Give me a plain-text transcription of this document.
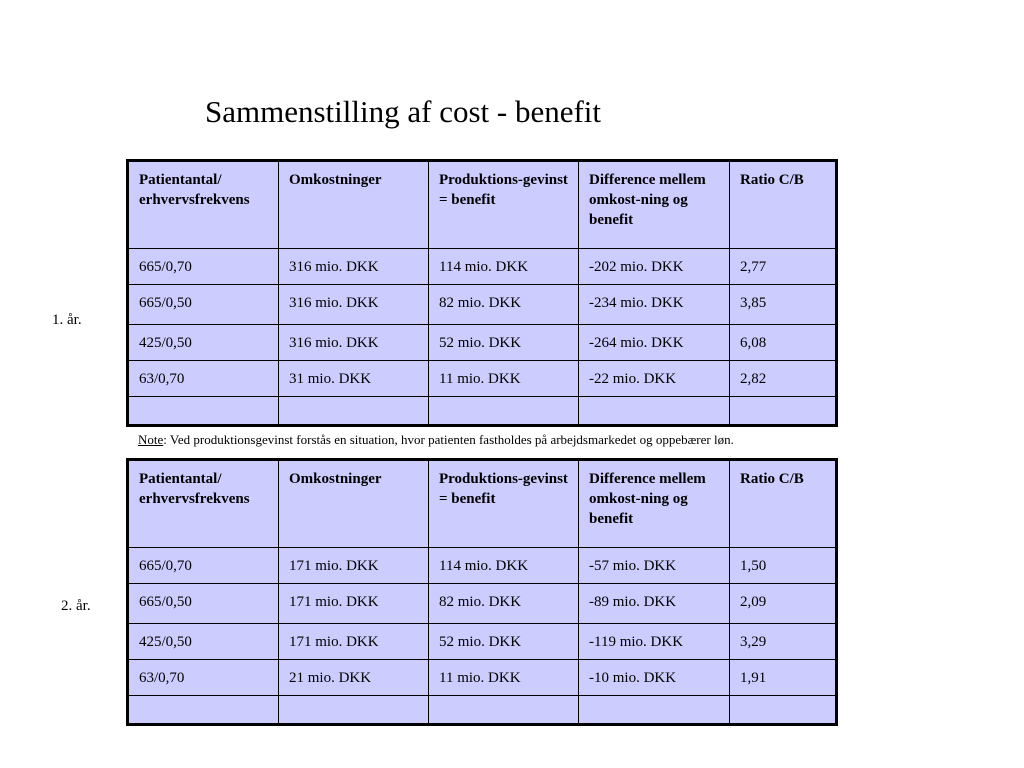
Sammenstilling af cost - benefit
1. år.
Patientantal/ erhvervsfrekvens	Omkostninger	Produktions-gevinst = benefit	Difference mellem omkost-ning og benefit	Ratio C/B
665/0,70	316 mio. DKK	114 mio. DKK	-202 mio. DKK	2,77
665/0,50	316 mio. DKK	82 mio. DKK	-234 mio. DKK	3,85
425/0,50	316 mio. DKK	52 mio. DKK	-264 mio. DKK	6,08
63/0,70	31 mio. DKK	11 mio. DKK	-22 mio. DKK	2,82

Note: Ved produktionsgevinst forstås en situation, hvor patienten fastholdes på arbejdsmarkedet og oppebærer løn.
2. år.
Patientantal/ erhvervsfrekvens	Omkostninger	Produktions-gevinst = benefit	Difference mellem omkost-ning og benefit	Ratio C/B
665/0,70	171 mio. DKK	114 mio. DKK	-57 mio. DKK	1,50
665/0,50	171 mio. DKK	82 mio. DKK	-89 mio. DKK	2,09
425/0,50	171 mio. DKK	52 mio. DKK	-119 mio. DKK	3,29
63/0,70	21 mio. DKK	11 mio. DKK	-10 mio. DKK	1,91
